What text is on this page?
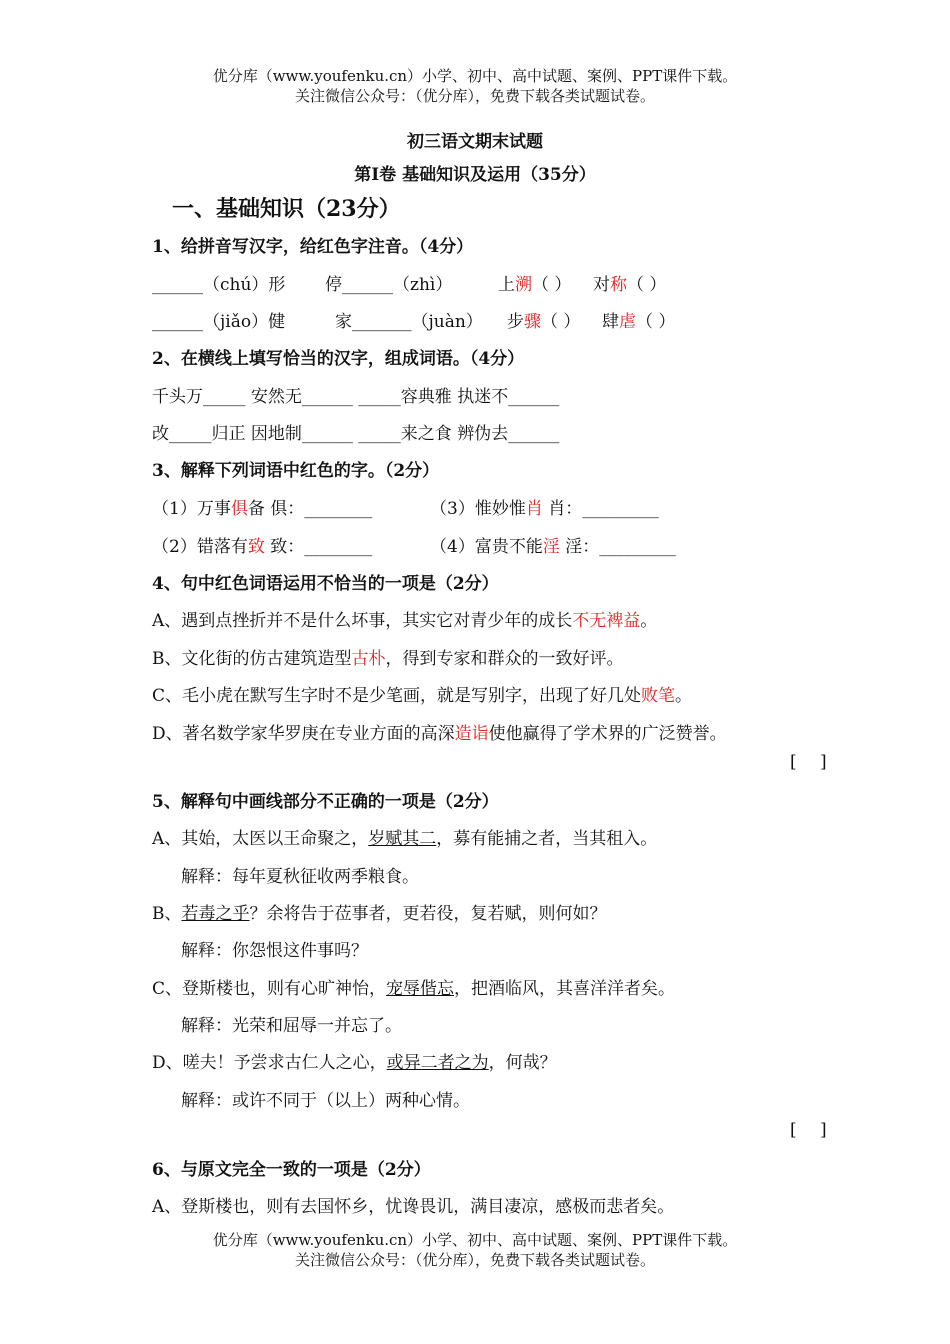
优分库（www.youfenku.cn）小学、初中、高中试题、案例、PPT课件下载。
关注微信公众号：（优分库），免费下载各类试题试卷。
初三语文期末试题
第Ⅰ卷 基础知识及运用（35分）
一、基础知识（23分）
1、给拼音写汉字，给红色字注音。（4分）
______（chú）形 停______（zhì）	上溯（ ） 对称（ ）
______（jiǎo）健	家_______（juàn） 步骤（ ） 肆虐（ ）
2、在横线上填写恰当的汉字，组成词语。（4分）
千头万_____ 安然无______ _____容典雅 执迷不______
改_____归正 因地制______ _____来之食 辨伪去______
3、解释下列词语中红色的字。（2分）
（1）万事俱备 俱：________	（3）惟妙惟肖 肖：_________
（2）错落有致 致：________	（4）富贵不能淫 淫：_________
4、句中红色词语运用不恰当的一项是（2分）
A、遇到点挫折并不是什么坏事，其实它对青少年的成长不无裨益。
B、文化街的仿古建筑造型古朴，得到专家和群众的一致好评。
C、毛小虎在默写生字时不是少笔画，就是写别字，出现了好几处败笔。
D、著名数学家华罗庚在专业方面的高深造诣使他赢得了学术界的广泛赞誉。
[ ]
5、解释句中画线部分不正确的一项是（2分）
A、其始，太医以王命聚之，岁赋其二，募有能捕之者，当其租入。
解释：每年夏秋征收两季粮食。
B、若毒之乎？余将告于莅事者，更若役，复若赋，则何如？
解释：你怨恨这件事吗？
C、登斯楼也，则有心旷神怡，宠辱偕忘，把酒临风，其喜洋洋者矣。
解释：光荣和屈辱一并忘了。
D、嗟夫！予尝求古仁人之心，或异二者之为，何哉？
解释：或许不同于（以上）两种心情。
[ ]
6、与原文完全一致的一项是（2分）
A、登斯楼也，则有去国怀乡，忧谗畏讥，满目凄凉，感极而悲者矣。
优分库（www.youfenku.cn）小学、初中、高中试题、案例、PPT课件下载。
关注微信公众号：（优分库），免费下载各类试题试卷。
